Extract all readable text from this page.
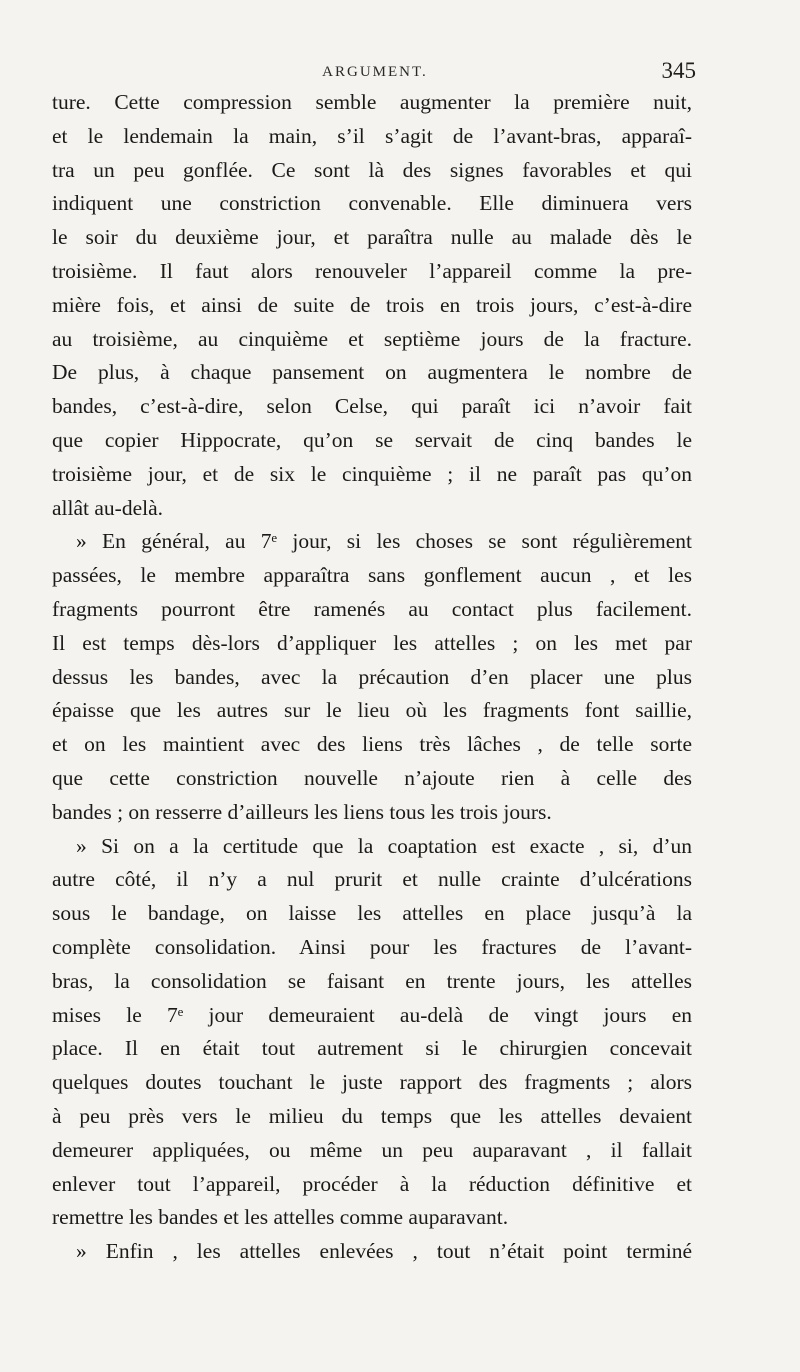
ARGUMENT.	345
ture. Cette compression semble augmenter la première nuit,
et le lendemain la main, s’il s’agit de l’avant-bras, apparaî-
tra un peu gonflée. Ce sont là des signes favorables et qui
indiquent une constriction convenable. Elle diminuera vers
le soir du deuxième jour, et paraîtra nulle au malade dès le
troisième. Il faut alors renouveler l’appareil comme la pre-
mière fois, et ainsi de suite de trois en trois jours, c’est-à-dire
au troisième, au cinquième et septième jours de la fracture.
De plus, à chaque pansement on augmentera le nombre de
bandes, c’est-à-dire, selon Celse, qui paraît ici n’avoir fait
que copier Hippocrate, qu’on se servait de cinq bandes le
troisième jour, et de six le cinquième ; il ne paraît pas qu’on
allât au-delà.
» En général, au 7ᵉ jour, si les choses se sont régulièrement
passées, le membre apparaîtra sans gonflement aucun , et les
fragments pourront être ramenés au contact plus facilement.
Il est temps dès-lors d’appliquer les attelles ; on les met par
dessus les bandes, avec la précaution d’en placer une plus
épaisse que les autres sur le lieu où les fragments font saillie,
et on les maintient avec des liens très lâches , de telle sorte
que cette constriction nouvelle n’ajoute rien à celle des
bandes ; on resserre d’ailleurs les liens tous les trois jours.
» Si on a la certitude que la coaptation est exacte , si, d’un
autre côté, il n’y a nul prurit et nulle crainte d’ulcérations
sous le bandage, on laisse les attelles en place jusqu’à la
complète consolidation. Ainsi pour les fractures de l’avant-
bras, la consolidation se faisant en trente jours, les attelles
mises le 7ᵉ jour demeuraient au-delà de vingt jours en
place. Il en était tout autrement si le chirurgien concevait
quelques doutes touchant le juste rapport des fragments ; alors
à peu près vers le milieu du temps que les attelles devaient
demeurer appliquées, ou même un peu auparavant , il fallait
enlever tout l’appareil, procéder à la réduction définitive et
remettre les bandes et les attelles comme auparavant.
» Enfin , les attelles enlevées , tout n’était point terminé
